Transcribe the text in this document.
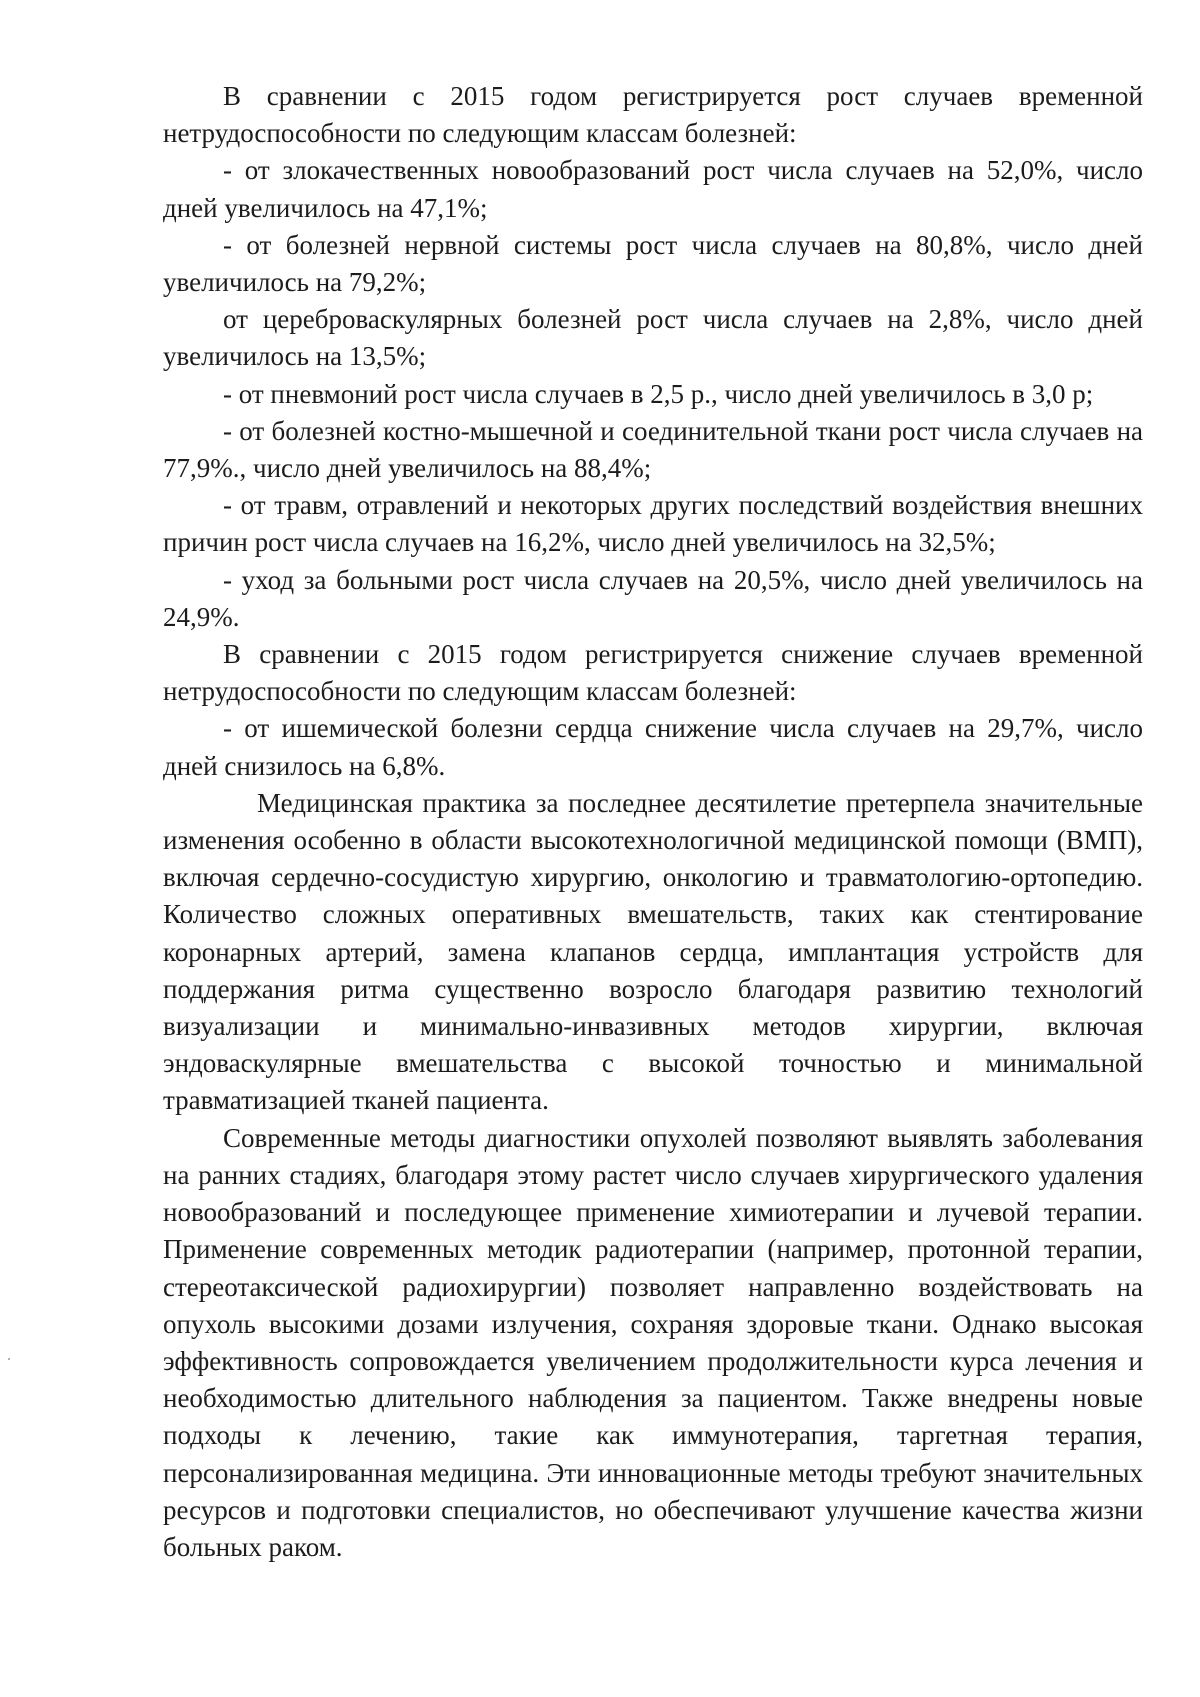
В сравнении с 2015 годом регистрируется рост случаев временной нетрудоспособности по следующим классам болезней:

- от злокачественных новообразований рост числа случаев на 52,0%, число дней увеличилось на 47,1%;

- от болезней нервной системы рост числа случаев на 80,8%, число дней увеличилось на 79,2%;

от цереброваскулярных болезней рост числа случаев на 2,8%, число дней увеличилось на 13,5%;

- от пневмоний рост числа случаев в 2,5 р., число дней увеличилось в 3,0 р;

- от болезней костно-мышечной и соединительной ткани рост числа случаев на 77,9%., число дней увеличилось на 88,4%;

- от травм, отравлений и некоторых других последствий воздействия внешних причин рост числа случаев на 16,2%, число дней увеличилось на 32,5%;

- уход за больными рост числа случаев на 20,5%, число дней увеличилось на 24,9%.

В сравнении с 2015 годом регистрируется снижение случаев временной нетрудоспособности по следующим классам болезней:

- от ишемической болезни сердца снижение числа случаев на 29,7%, число дней снизилось на 6,8%.

Медицинская практика за последнее десятилетие претерпела значительные изменения особенно в области высокотехнологичной медицинской помощи (ВМП), включая сердечно-сосудистую хирургию, онкологию и травматологию-ортопедию. Количество сложных оперативных вмешательств, таких как стентирование коронарных артерий, замена клапанов сердца, имплантация устройств для поддержания ритма существенно возросло благодаря развитию технологий визуализации и минимально-инвазивных методов хирургии, включая эндоваскулярные вмешательства с высокой точностью и минимальной травматизацией тканей пациента.

Современные методы диагностики опухолей позволяют выявлять заболевания на ранних стадиях, благодаря этому растет число случаев хирургического удаления новообразований и последующее применение химиотерапии и лучевой терапии. Применение современных методик радиотерапии (например, протонной терапии, стереотаксической радиохирургии) позволяет направленно воздействовать на опухоль высокими дозами излучения, сохраняя здоровые ткани. Однако высокая эффективность сопровождается увеличением продолжительности курса лечения и необходимостью длительного наблюдения за пациентом. Также внедрены новые подходы к лечению, такие как иммунотерапия, таргетная терапия, персонализированная медицина. Эти инновационные методы требуют значительных ресурсов и подготовки специалистов, но обеспечивают улучшение качества жизни больных раком.
